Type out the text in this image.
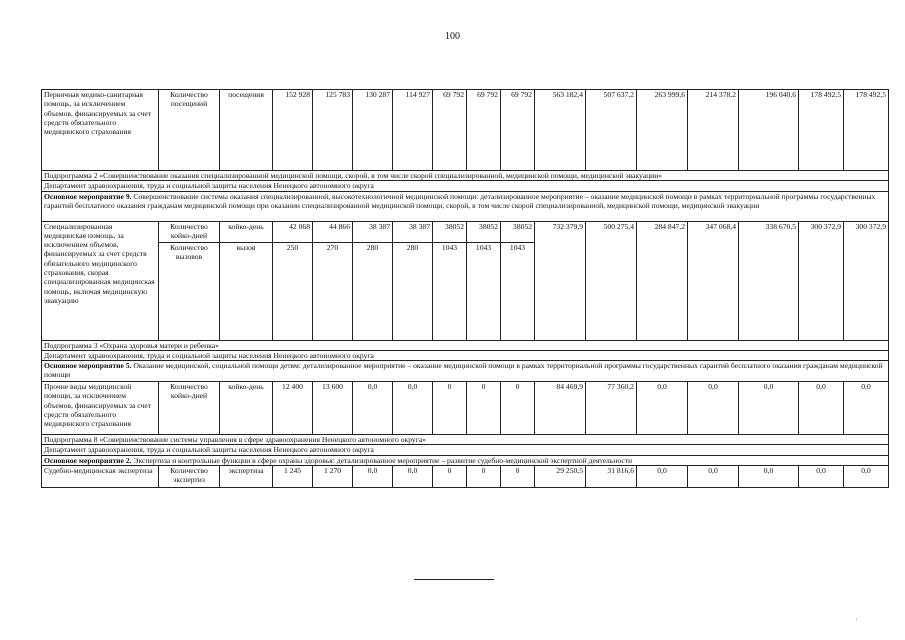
100
Первичная медико-санитарная помощь, за исключением объемов, финансируемых за счет средств обязательного медицинского страхования	Количество посещений	посещения	152 928	125 783	130 287	114 927	69 792	69 792	69 792	563 182,4	507 637,2	263 999,6	214 378,2	196 040,6	178 492,5	178 492,5
Подпрограмма 2 «Совершенствование оказания специализированной медицинской помощи, скорой, в том числе скорой специализированной, медицинской помощи, медицинской эвакуации»																
Департамент здравоохранения, труда и социальной защиты населения Ненецкого автономного округа																
Основное мероприятие 9. Совершенствование системы оказания специализированной, высокотехнологичной медицинской помощи: детализированное мероприятие – оказание медицинской помощи в рамках территориальной программы государственных гарантий бесплатного оказания гражданам медицинской помощи при оказании специализированной медицинской помощи, скорой, в том числе скорой специализированной, медицинской помощи, медицинской эвакуации																
Специализированная медицинская помощь, за исключением объемов, финансируемых за счет средств обязательного медицинского страхования, скорая специализированная медицинская помощь, включая медицинскую эвакуацию	Количество койко-дней	койко-день	42 068	44 866	38 387	38 387	38052	38052	38052	732 379,9	500 275,4	284 847,2	347 068,4	338 670,5	300 372,9	300 372,9
	Количество вызовов	вызов	250	270	280	280	1043	1043	1043							
Подпрограмма 3 «Охрана здоровья матери и ребенка»																
Департамент здравоохранения, труда и социальной защиты населения Ненецкого автономного округа																
Основное мероприятие 5. Оказание медицинской, социальной помощи детям: детализированное мероприятие – оказание медицинской помощи в рамках территориальной программы государственных гарантий бесплатного оказания гражданам медицинской помощи																
Прочие виды медицинской помощи, за исключением объемов, финансируемых за счет средств обязательного медицинского страхования	Количество койко-дней	койко-день	12 400	13 600	0,0	0,0	0	0	0	84 469,9	77 360,2	0,0	0,0	0,0	0,0	0,0
Подпрограмма 8 «Совершенствование системы управления в сфере здравоохранения Ненецкого автономного округа»																
Департамент здравоохранения, труда и социальной защиты населения Ненецкого автономного округа																
Основное мероприятие 2. Экспертиза и контрольные функции в сфере охраны здоровья: детализированное мероприятие – развитие судебно-медицинской экспертной деятельности																
Судебно-медицинская экспертиза	Количество экспертиз	экспертиза	1 245	1 270	0,0	0,0	0	0	0	29 250,5	31 816,6	0,0	0,0	0,0	0,0	0,0
